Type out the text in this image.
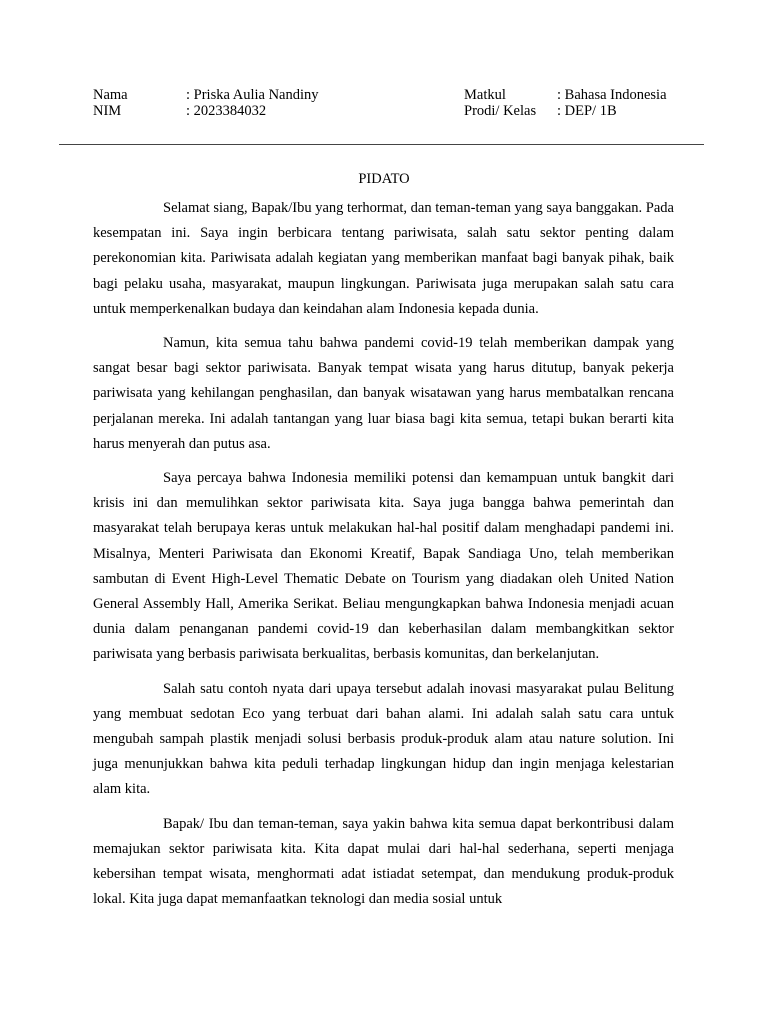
Nama	: Priska Aulia Nandiny	Matkul	: Bahasa Indonesia
NIM	: 2023384032	Prodi/ Kelas : DEP/ 1B
PIDATO

Selamat siang, Bapak/Ibu yang terhormat, dan teman-teman yang saya banggakan. Pada kesempatan ini. Saya ingin berbicara tentang pariwisata, salah satu sektor penting dalam perekonomian kita. Pariwisata adalah kegiatan yang memberikan manfaat bagi banyak pihak, baik bagi pelaku usaha, masyarakat, maupun lingkungan. Pariwisata juga merupakan salah satu cara untuk memperkenalkan budaya dan keindahan alam Indonesia kepada dunia.

Namun, kita semua tahu bahwa pandemi covid-19 telah memberikan dampak yang sangat besar bagi sektor pariwisata. Banyak tempat wisata yang harus ditutup, banyak pekerja pariwisata yang kehilangan penghasilan, dan banyak wisatawan yang harus membatalkan rencana perjalanan mereka. Ini adalah tantangan yang luar biasa bagi kita semua, tetapi bukan berarti kita harus menyerah dan putus asa.

Saya percaya bahwa Indonesia memiliki potensi dan kemampuan untuk bangkit dari krisis ini dan memulihkan sektor pariwisata kita. Saya juga bangga bahwa pemerintah dan masyarakat telah berupaya keras untuk melakukan hal-hal positif dalam menghadapi pandemi ini. Misalnya, Menteri Pariwisata dan Ekonomi Kreatif, Bapak Sandiaga Uno, telah memberikan sambutan di Event High-Level Thematic Debate on Tourism yang diadakan oleh United Nation General Assembly Hall, Amerika Serikat. Beliau mengungkapkan bahwa Indonesia menjadi acuan dunia dalam penanganan pandemi covid-19 dan keberhasilan dalam membangkitkan sektor pariwisata yang berbasis pariwisata berkualitas, berbasis komunitas, dan berkelanjutan.

Salah satu contoh nyata dari upaya tersebut adalah inovasi masyarakat pulau Belitung yang membuat sedotan Eco yang terbuat dari bahan alami. Ini adalah salah satu cara untuk mengubah sampah plastik menjadi solusi berbasis produk-produk alam atau nature solution. Ini juga menunjukkan bahwa kita peduli terhadap lingkungan hidup dan ingin menjaga kelestarian alam kita.

Bapak/ Ibu dan teman-teman, saya yakin bahwa kita semua dapat berkontribusi dalam memajukan sektor pariwisata kita. Kita dapat mulai dari hal-hal sederhana, seperti menjaga kebersihan tempat wisata, menghormati adat istiadat setempat, dan mendukung produk-produk lokal. Kita juga dapat memanfaatkan teknologi dan media sosial untuk
